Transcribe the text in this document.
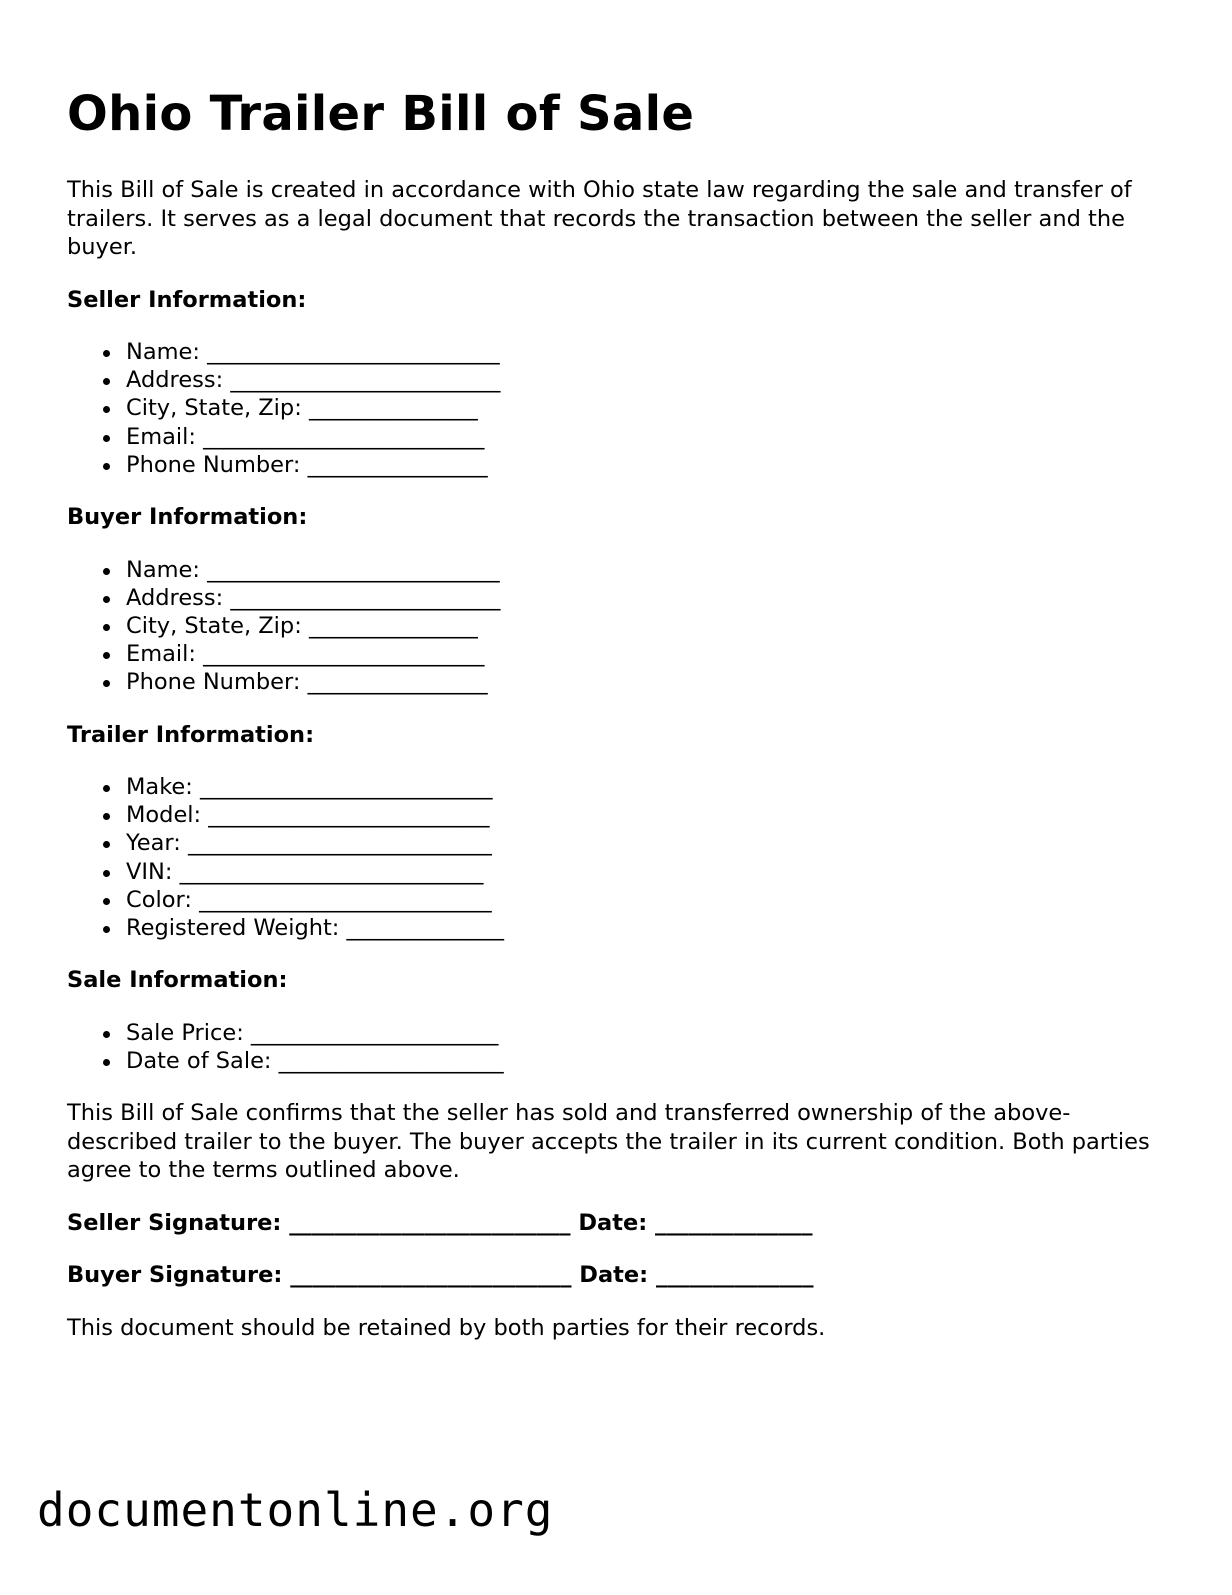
Ohio Trailer Bill of Sale

This Bill of Sale is created in accordance with Ohio state law regarding the sale and transfer of trailers. It serves as a legal document that records the transaction between the seller and the buyer.

Seller Information:
Name: __________________________
Address: ________________________
City, State, Zip: _______________
Email: _________________________
Phone Number: ________________
Buyer Information:
Name: __________________________
Address: ________________________
City, State, Zip: _______________
Email: _________________________
Phone Number: ________________
Trailer Information:
Make: __________________________
Model: _________________________
Year: ___________________________
VIN: ___________________________
Color: __________________________
Registered Weight: ______________
Sale Information:
Sale Price: ______________________
Date of Sale: ____________________

This Bill of Sale confirms that the seller has sold and transferred ownership of the above-described trailer to the buyer. The buyer accepts the trailer in its current condition. Both parties agree to the terms outlined above.

Seller Signature: _________________________ Date: ______________
Buyer Signature: _________________________ Date: ______________

This document should be retained by both parties for their records.

documentonline.org
